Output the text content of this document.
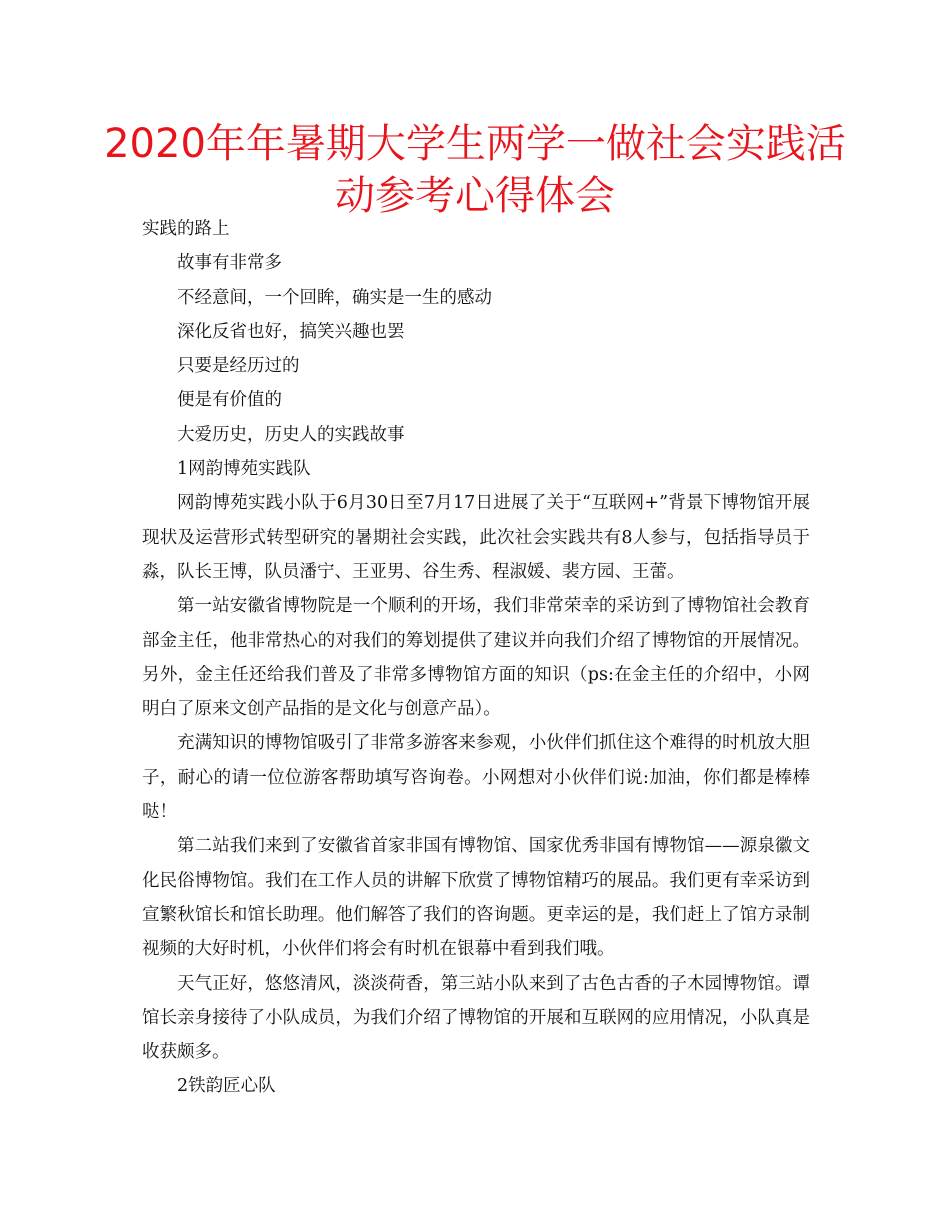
2020年年暑期大学生两学一做社会实践活动参考心得体会

实践的路上

故事有非常多

不经意间，一个回眸，确实是一生的感动

深化反省也好，搞笑兴趣也罢

只要是经历过的

便是有价值的

大爱历史，历史人的实践故事

1网韵博苑实践队

网韵博苑实践小队于6月30日至7月17日进展了关于“互联网+”背景下博物馆开展现状及运营形式转型研究的暑期社会实践，此次社会实践共有8人参与，包括指导员于淼，队长王博，队员潘宁、王亚男、谷生秀、程淑媛、裴方园、王蕾。

第一站安徽省博物院是一个顺利的开场，我们非常荣幸的采访到了博物馆社会教育部金主任，他非常热心的对我们的筹划提供了建议并向我们介绍了博物馆的开展情况。另外，金主任还给我们普及了非常多博物馆方面的知识（ps:在金主任的介绍中，小网明白了原来文创产品指的是文化与创意产品）。

充满知识的博物馆吸引了非常多游客来参观，小伙伴们抓住这个难得的时机放大胆子，耐心的请一位位游客帮助填写咨询卷。小网想对小伙伴们说:加油，你们都是棒棒哒！

第二站我们来到了安徽省首家非国有博物馆、国家优秀非国有博物馆——源泉徽文化民俗博物馆。我们在工作人员的讲解下欣赏了博物馆精巧的展品。我们更有幸采访到宣繁秋馆长和馆长助理。他们解答了我们的咨询题。更幸运的是，我们赶上了馆方录制视频的大好时机，小伙伴们将会有时机在银幕中看到我们哦。

天气正好，悠悠清风，淡淡荷香，第三站小队来到了古色古香的子木园博物馆。谭馆长亲身接待了小队成员，为我们介绍了博物馆的开展和互联网的应用情况，小队真是收获颇多。

2铁韵匠心队
